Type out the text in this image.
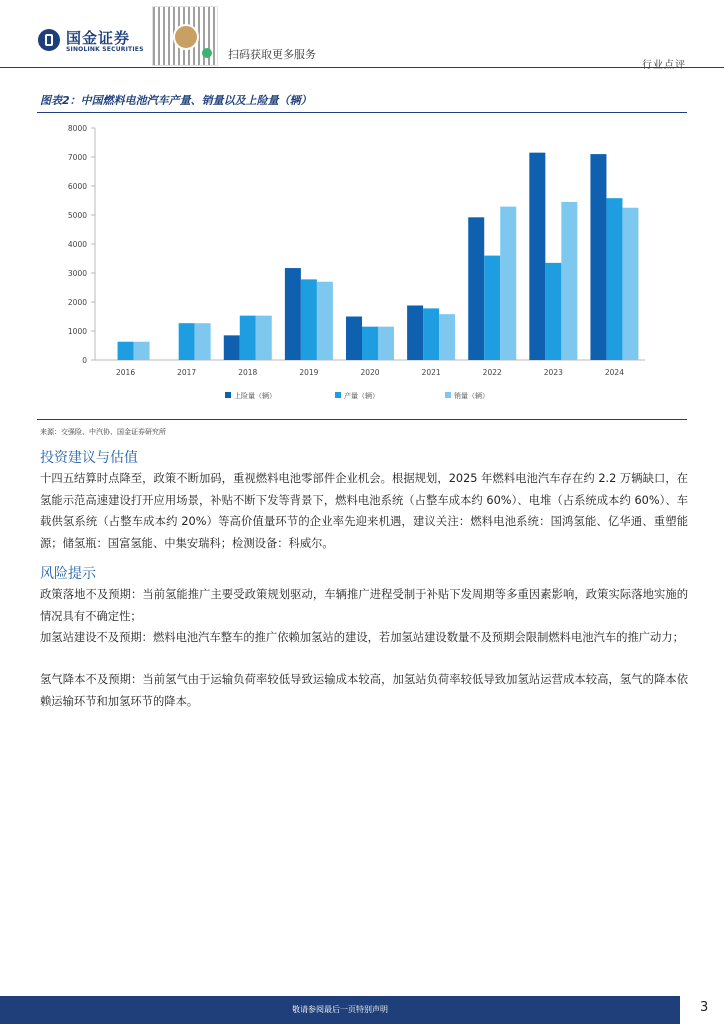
国金证券
SINOLINK SECURITIES	扫码获取更多服务
行业点评
图表2：中国燃料电池汽车产量、销量以及上险量（辆）
0
1000
2000
3000
4000
5000
6000
7000
8000
2016	2017	2018	2019	2020	2021	2022	2023	2024
上险量（辆）	产量（辆）	销量（辆）
来源：交强险、中汽协、国金证券研究所
投资建议与估值
十四五结算时点降至，政策不断加码，重视燃料电池零部件企业机会。根据规划，2025 年燃料电池汽车存在约 2.2 万辆缺口，在氢能示范高速建设打开应用场景，补贴不断下发等背景下，燃料电池系统（占整车成本约 60%）、电堆（占系统成本约 60%）、车载供氢系统（占整车成本约 20%）等高价值量环节的企业率先迎来机遇，建议关注：燃料电池系统：国鸿氢能、亿华通、重塑能源；储氢瓶：国富氢能、中集安瑞科；检测设备：科威尔。
风险提示
政策落地不及预期：当前氢能推广主要受政策规划驱动，车辆推广进程受制于补贴下发周期等多重因素影响，政策实际落地实施的情况具有不确定性；
加氢站建设不及预期：燃料电池汽车整车的推广依赖加氢站的建设，若加氢站建设数量不及预期会限制燃料电池汽车的推广动力；
氢气降本不及预期：当前氢气由于运输负荷率较低导致运输成本较高，加氢站负荷率较低导致加氢站运营成本较高，氢气的降本依赖运输环节和加氢环节的降本。
敬请参阅最后一页特别声明	3
